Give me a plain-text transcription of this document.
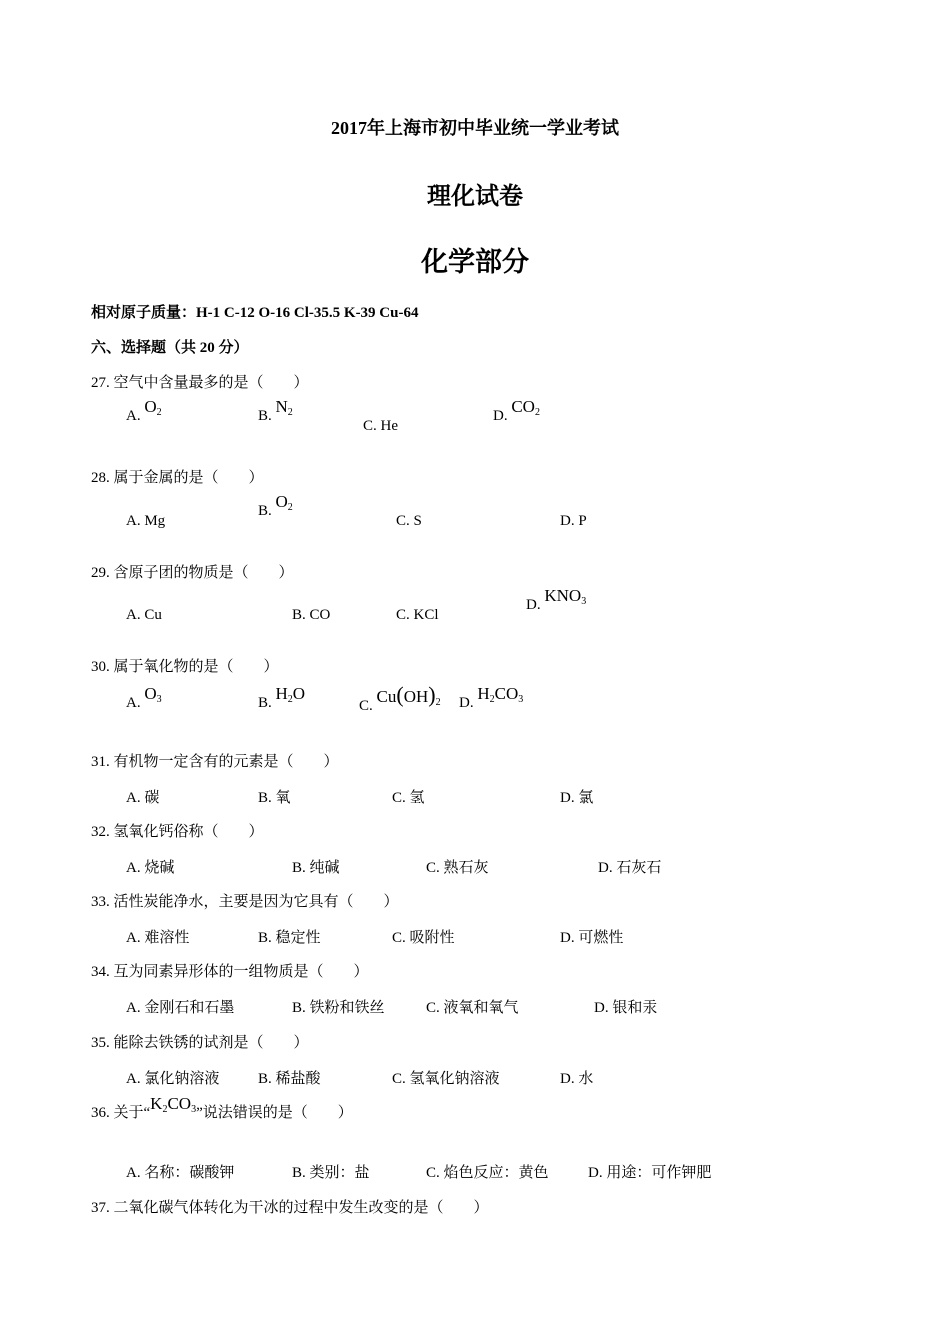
2017年上海市初中毕业统一学业考试
理化试卷
化学部分
相对原子质量：H-1 C-12 O-16 Cl-35.5 K-39 Cu-64
六、选择题（共 20 分）
27. 空气中含量最多的是（　　）
A. $O_2$	B. $N_2$
C. He
D. $CO_2$
28. 属于金属的是（　　）
A. Mg
B. $O_2$
C. S	D. P
29. 含原子团的物质是（　　）
A. Cu	B. CO	C. KCl
D. $KNO_3$
30. 属于氧化物的是（　　）
A. $O_3$	B. $H_2O$
C. $Cu(OH)_2$ D. $H_2CO_3$
31. 有机物一定含有的元素是（　　）
A. 碳	B. 氧	C. 氢	D. 氯
32. 氢氧化钙俗称（　　）
A. 烧碱	B. 纯碱	C. 熟石灰	D. 石灰石
33. 活性炭能净水，主要是因为它具有（　　）
A. 难溶性	B. 稳定性	C. 吸附性	D. 可燃性
34. 互为同素异形体的一组物质是（　　）
A. 金刚石和石墨	B. 铁粉和铁丝	C. 液氧和氧气	D. 银和汞
35. 能除去铁锈的试剂是（　　）
A. 氯化钠溶液	B. 稀盐酸	C. 氢氧化钠溶液	D. 水
36. 关于“$K_2CO_3$”说法错误的是（　　）
A. 名称：碳酸钾	B. 类别：盐	C. 焰色反应：黄色	D. 用途：可作钾肥
37. 二氧化碳气体转化为干冰的过程中发生改变的是（　　）
